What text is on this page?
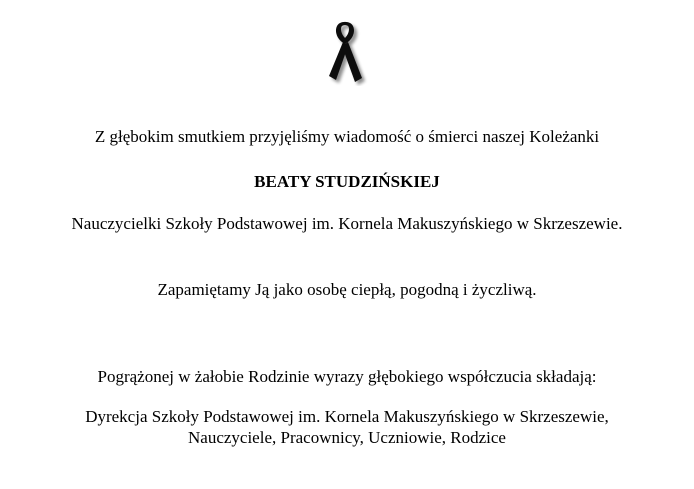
Z głębokim smutkiem przyjęliśmy wiadomość o śmierci naszej Koleżanki
BEATY STUDZIŃSKIEJ
Nauczycielki Szkoły Podstawowej im. Kornela Makuszyńskiego w Skrzeszewie.
Zapamiętamy Ją jako osobę ciepłą, pogodną i życzliwą.
Pogrążonej w żałobie Rodzinie wyrazy głębokiego współczucia składają:
Dyrekcja Szkoły Podstawowej im. Kornela Makuszyńskiego w Skrzeszewie,
Nauczyciele, Pracownicy, Uczniowie, Rodzice
